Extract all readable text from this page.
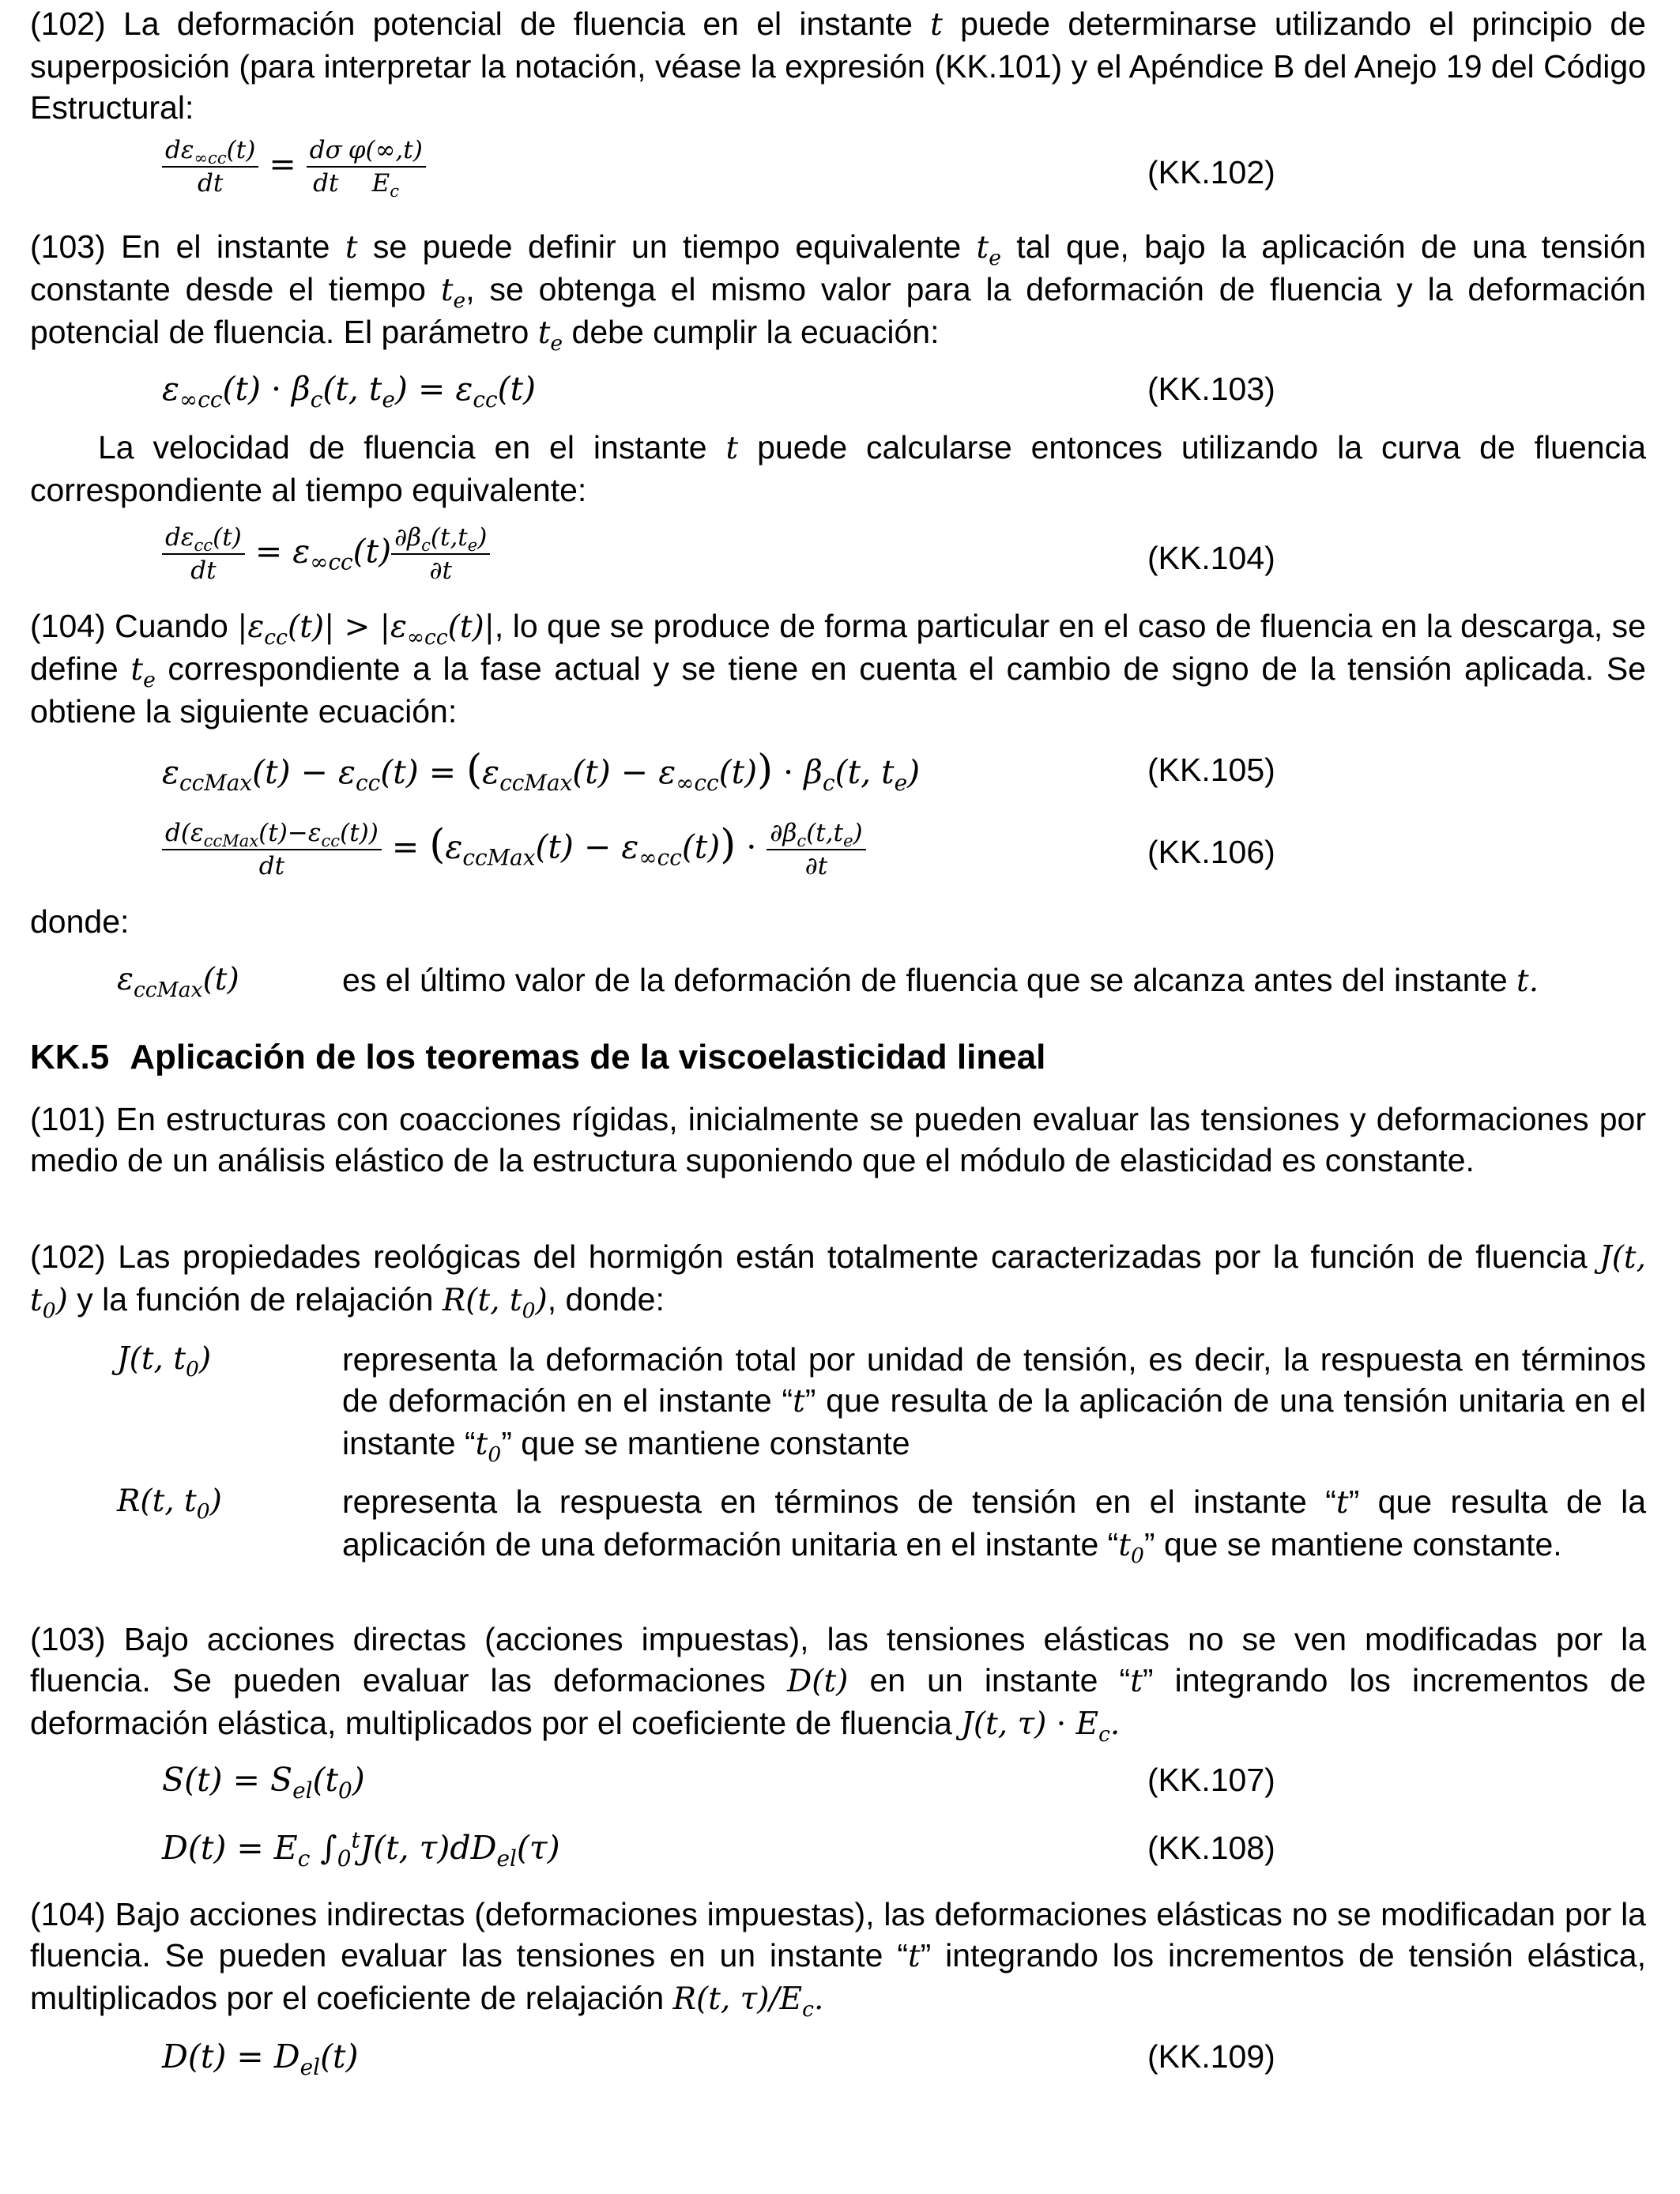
(102) La deformación potencial de fluencia en el instante t puede determinarse utilizando el principio de superposición (para interpretar la notación, véase la expresión (KK.101) y el Apéndice B del Anejo 19 del Código Estructural:
$\frac{d\varepsilon_{\infty cc}(t)}{dt} = \frac{d\sigma}{dt} \frac{\varphi(\infty,t)}{E_c}$	(KK.102)
(103) En el instante t se puede definir un tiempo equivalente $t_e$ tal que, bajo la aplicación de una tensión constante desde el tiempo $t_e$, se obtenga el mismo valor para la deformación de fluencia y la deformación potencial de fluencia. El parámetro $t_e$ debe cumplir la ecuación:
$\varepsilon_{\infty cc}(t) \cdot \beta_c(t$, $t_e) = \varepsilon_{cc}(t)$	(KK.103)
La velocidad de fluencia en el instante t puede calcularse entonces utilizando la curva de fluencia correspondiente al tiempo equivalente:
$\frac{d\varepsilon_{cc}(t)}{dt} = \varepsilon_{\infty cc}(t) \frac{\partial\beta_c(t,t_e)}{\partial t}$	(KK.104)
(104) Cuando $|\varepsilon_{cc}(t)| > |\varepsilon_{\infty cc}(t)|$, lo que se produce de forma particular en el caso de fluencia en la descarga, se define $t_e$ correspondiente a la fase actual y se tiene en cuenta el cambio de signo de la tensión aplicada. Se obtiene la siguiente ecuación:
$\varepsilon_{ccMax}(t) - \varepsilon_{cc}(t) = (\varepsilon_{ccMax}(t) - \varepsilon_{\infty cc}(t)) \cdot \beta_c(t$, $t_e$)	(KK.105)
$\frac{d(\varepsilon_{ccMax}(t)-\varepsilon_{cc}(t))}{dt} = (\varepsilon_{ccMax}(t) - \varepsilon_{\infty cc}(t)) \cdot \frac{\partial\beta_c(t,t_e)}{\partial t}$	(KK.106)
donde:
$\varepsilon_{ccMax}(t)$	es el último valor de la deformación de fluencia que se alcanza antes del instante t.
KK.5 Aplicación de los teoremas de la viscoelasticidad lineal
(101) En estructuras con coacciones rígidas, inicialmente se pueden evaluar las tensiones y deformaciones por medio de un análisis elástico de la estructura suponiendo que el módulo de elasticidad es constante.
(102) Las propiedades reológicas del hormigón están totalmente caracterizadas por la función de fluencia J(t, $t_0$) y la función de relajación R(t, $t_0$), donde:
J(t, $t_0$)	representa la deformación total por unidad de tensión, es decir, la respuesta en términos de deformación en el instante “t” que resulta de la aplicación de una tensión unitaria en el instante “$t_0$” que se mantiene constante
R(t, $t_0$)	representa la respuesta en términos de tensión en el instante “t” que resulta de la aplicación de una deformación unitaria en el instante “$t_0$” que se mantiene constante.
(103) Bajo acciones directas (acciones impuestas), las tensiones elásticas no se ven modificadas por la fluencia. Se pueden evaluar las deformaciones D(t) en un instante “t” integrando los incrementos de deformación elástica, multiplicados por el coeficiente de fluencia J(t, $\tau) \cdot E_c$.
$S(t) = S_{el}(t_0)$	(KK.107)
$D(t) = E_c$ $\int_0^tJ(t$, $\tau)dD_{el}(\tau)$	(KK.108)
(104) Bajo acciones indirectas (deformaciones impuestas), las deformaciones elásticas no se modificadan por la fluencia. Se pueden evaluar las tensiones en un instante “t” integrando los incrementos de tensión elástica, multiplicados por el coeficiente de relajación R(t, $\tau)/E_c$.
$D(t) = D_{el}(t)$	(KK.109)
